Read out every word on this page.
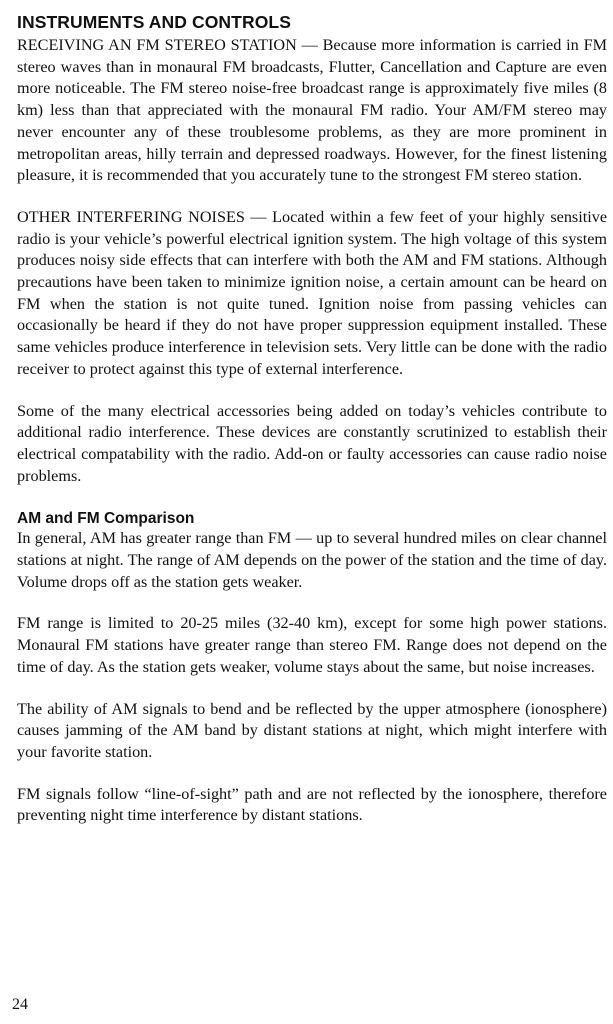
INSTRUMENTS AND CONTROLS

RECEIVING AN FM STEREO STATION — Because more information is carried in FM stereo waves than in monaural FM broadcasts, Flutter, Cancellation and Capture are even more noticeable. The FM stereo noise-free broadcast range is approximately five miles (8 km) less than that appreciated with the monaural FM radio. Your AM/FM stereo may never encounter any of these troublesome problems, as they are more prominent in metropolitan areas, hilly terrain and depressed roadways. However, for the finest listening pleasure, it is recommended that you accurately tune to the strongest FM stereo station.

OTHER INTERFERING NOISES — Located within a few feet of your highly sensitive radio is your vehicle’s powerful electrical ignition system. The high voltage of this system produces noisy side effects that can interfere with both the AM and FM stations. Although precautions have been taken to minimize ignition noise, a certain amount can be heard on FM when the station is not quite tuned. Ignition noise from passing vehicles can occasionally be heard if they do not have proper suppression equipment installed. These same vehicles produce interference in television sets. Very little can be done with the radio receiver to protect against this type of external interference.

Some of the many electrical accessories being added on today’s vehicles contribute to additional radio interference. These devices are constantly scrutinized to establish their electrical compatability with the radio. Add-on or faulty accessories can cause radio noise problems.

AM and FM Comparison

In general, AM has greater range than FM — up to several hundred miles on clear channel stations at night. The range of AM depends on the power of the station and the time of day. Volume drops off as the station gets weaker.

FM range is limited to 20-25 miles (32-40 km), except for some high power stations. Monaural FM stations have greater range than stereo FM. Range does not depend on the time of day. As the station gets weaker, volume stays about the same, but noise increases.

The ability of AM signals to bend and be reflected by the upper atmosphere (ionosphere) causes jamming of the AM band by distant stations at night, which might interfere with your favorite station.

FM signals follow “line-of-sight” path and are not reflected by the ionosphere, therefore preventing night time interference by distant stations.

24
